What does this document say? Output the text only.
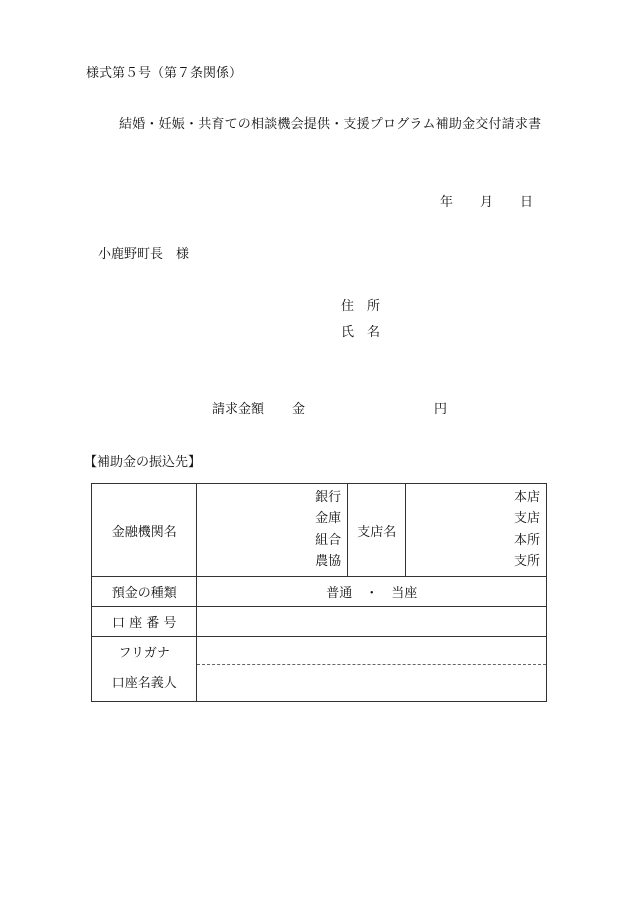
様式第５号（第７条関係）
結婚・妊娠・共育ての相談機会提供・支援プログラム補助金交付請求書
年 月 日
小鹿野町長　様
住　所
氏　名
請求金額 金	円
【補助金の振込先】
金融機関名	銀行
金庫
組合
農協	支店名	本店
支店
本所
支所

預金の種類	普通　・　当座		
口 座 番 号			

フリガナ
口座名義人			
